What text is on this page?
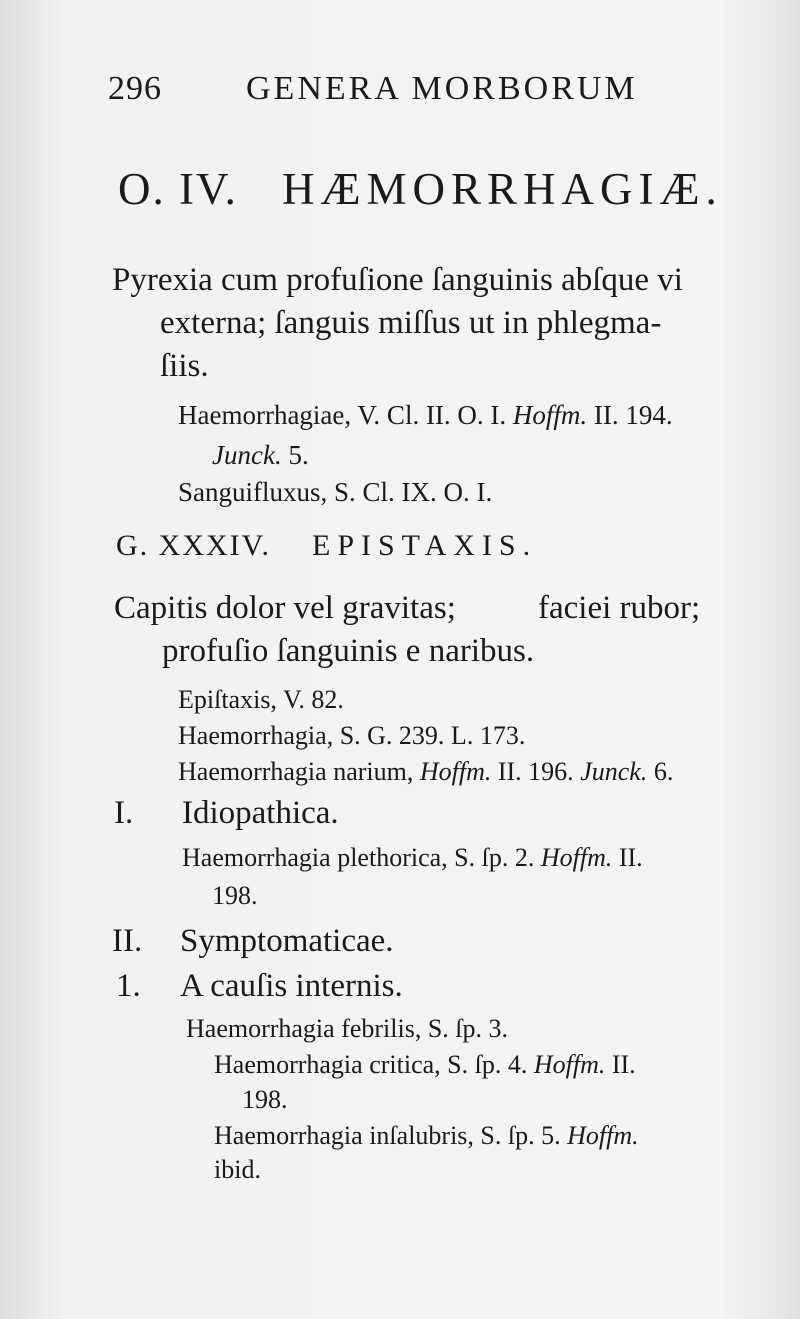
296 GENERA MORBORUM
O. IV. HÆMORRHAGIÆ.
Pyrexia cum profuſione ſanguinis abſque vi
externa; ſanguis miſſus ut in phlegma-
ſiis.
Haemorrhagiae, V. Cl. II. O. I. Hoffm. II. 194.
Junck. 5.
Sanguifluxus, S. Cl. IX. O. I.
G. XXXIV. EPISTAXIS.
Capitis dolor vel gravitas; faciei rubor;
profuſio ſanguinis e naribus.
Epiſtaxis, V. 82.
Haemorrhagia, S. G. 239. L. 173.
Haemorrhagia narium, Hoffm. II. 196. Junck. 6.
I. Idiopathica.
Haemorrhagia plethorica, S. ſp. 2. Hoffm. II.
198.
II. Symptomaticae.
1. A cauſis internis.
Haemorrhagia febrilis, S. ſp. 3.
Haemorrhagia critica, S. ſp. 4. Hoffm. II.
198.
Haemorrhagia inſalubris, S. ſp. 5. Hoffm.
ibid.
